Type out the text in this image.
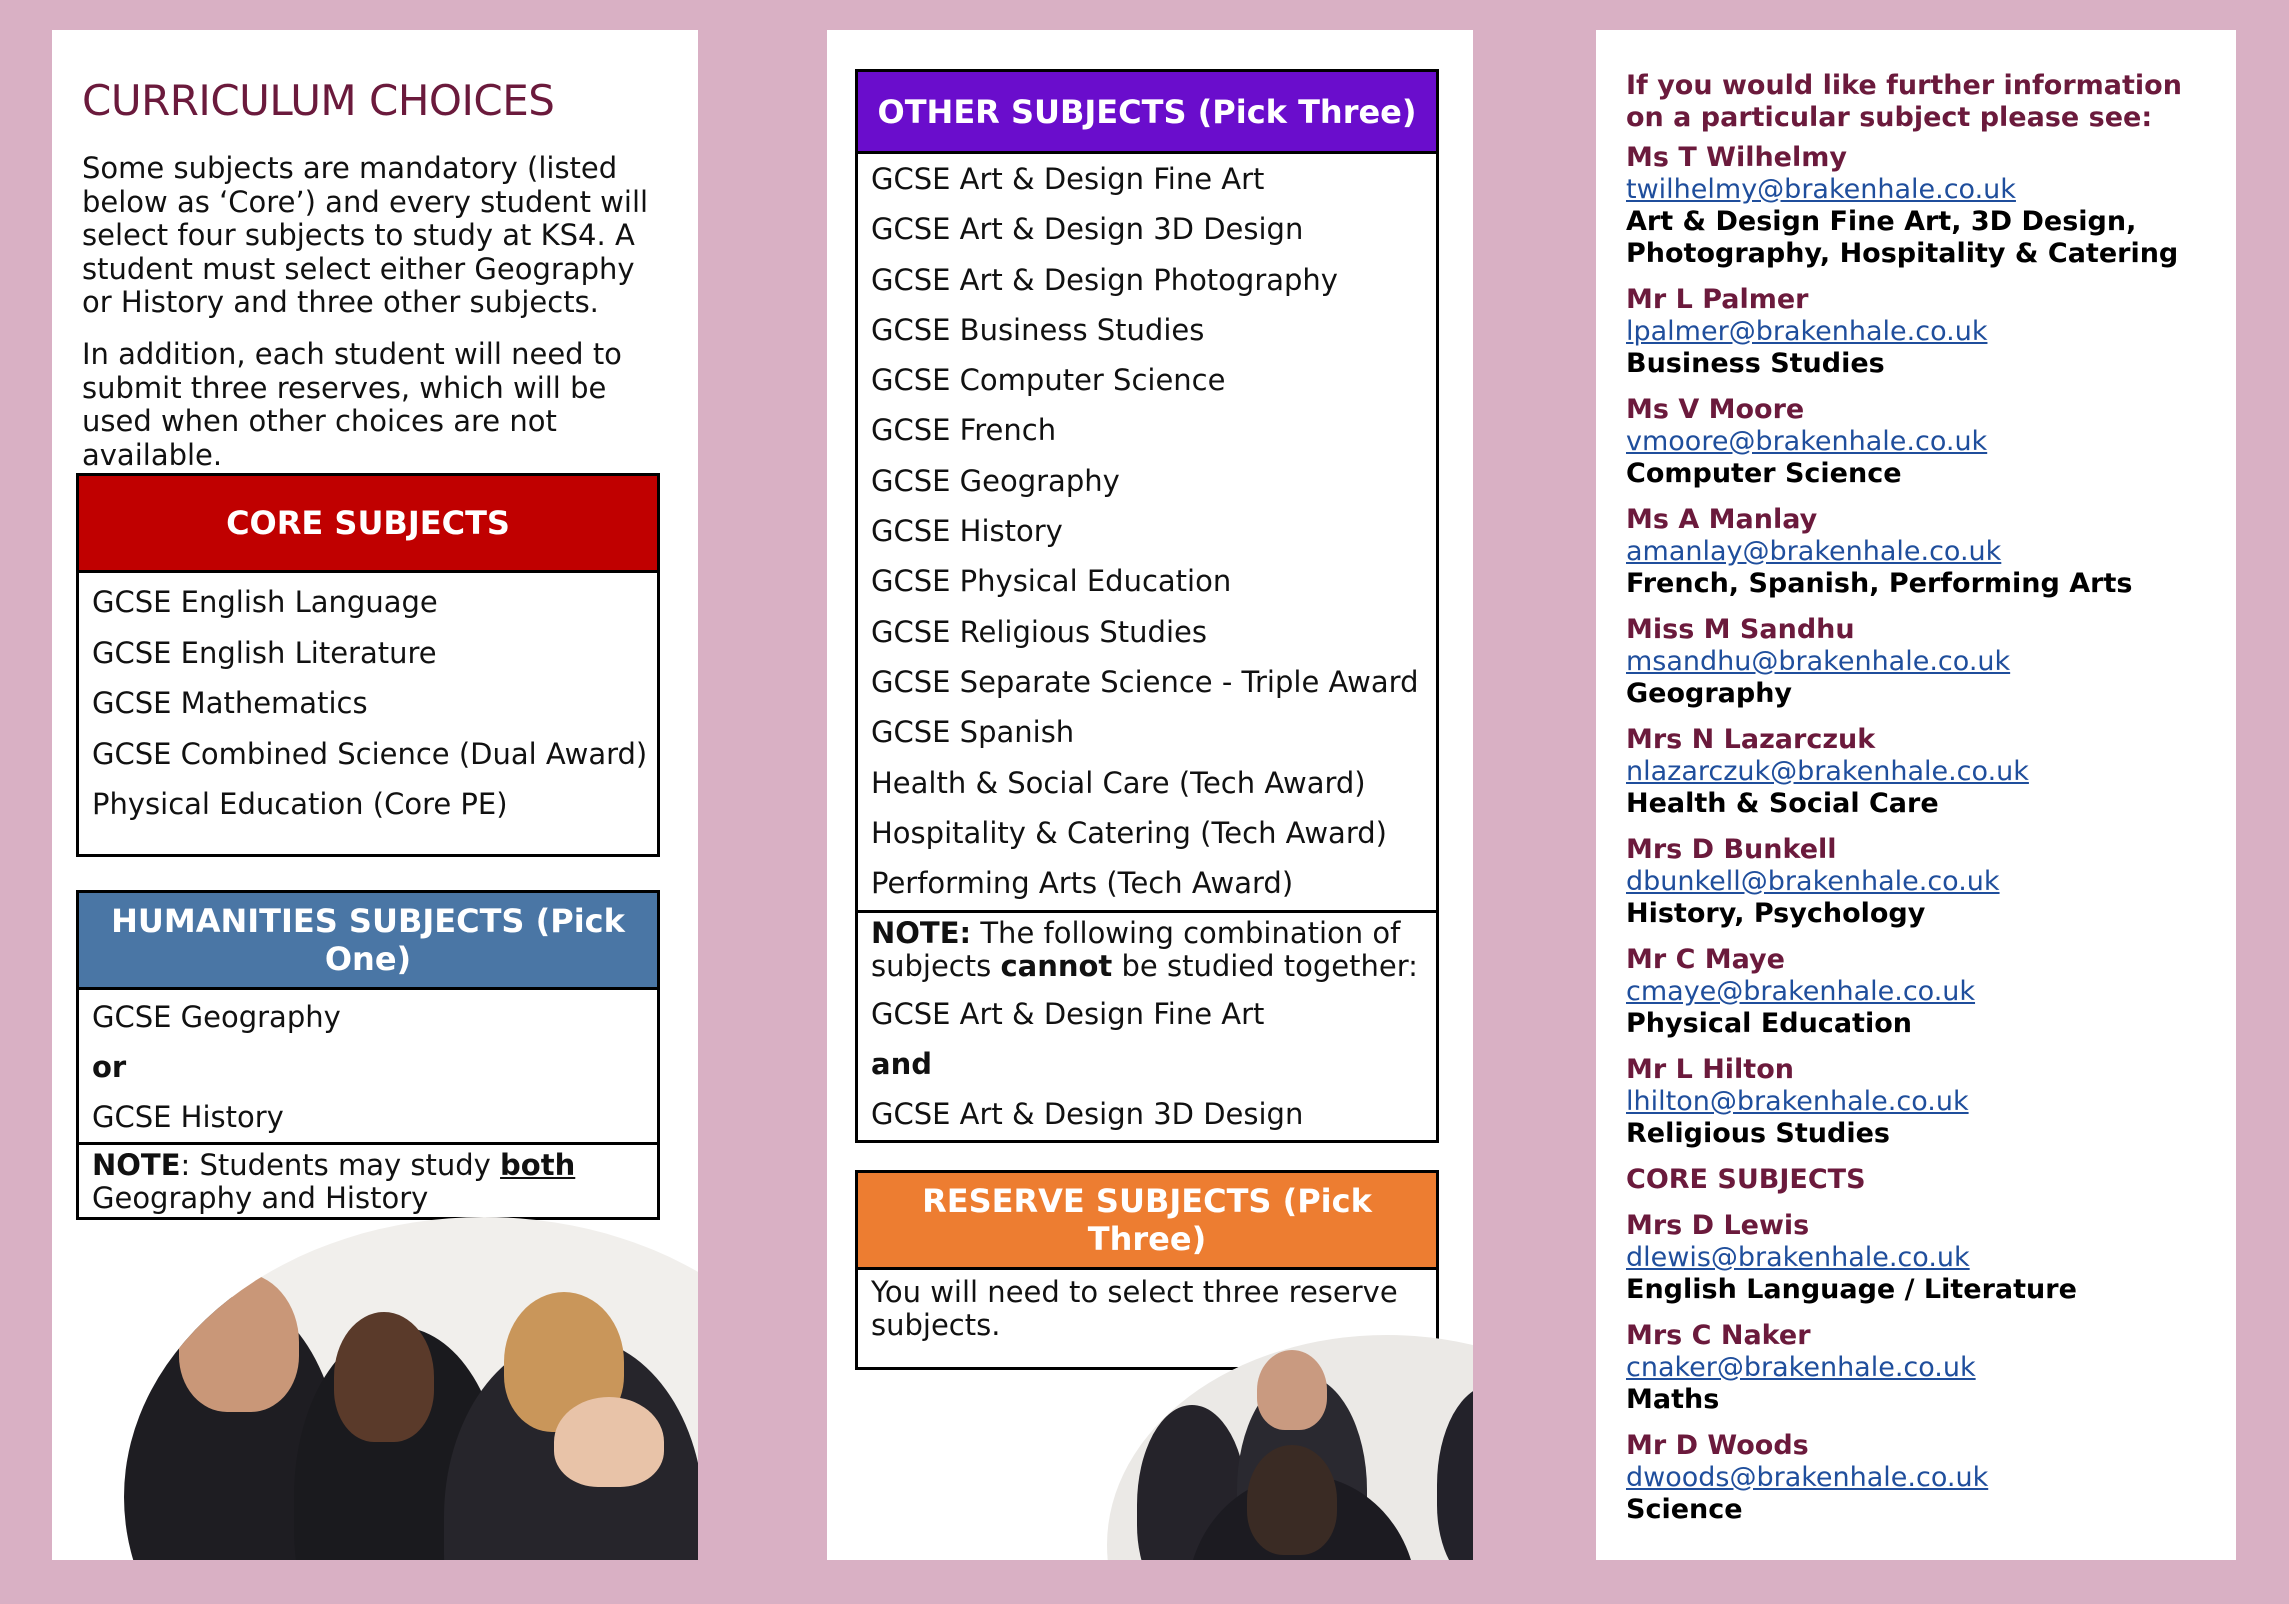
CURRICULUM CHOICES

Some subjects are mandatory (listed below as ‘Core’) and every student will select four subjects to study at KS4. A student must select either Geography or History and three other subjects.

In addition, each student will need to submit three reserves, which will be used when other choices are not available.

CORE SUBJECTS
GCSE English Language
GCSE English Literature
GCSE Mathematics
GCSE Combined Science (Dual Award)
Physical Education (Core PE)
HUMANITIES SUBJECTS (Pick One)
GCSE Geography
or
GCSE History
NOTE: Students may study both Geography and History
OTHER SUBJECTS (Pick Three)
GCSE Art & Design Fine Art
GCSE Art & Design 3D Design
GCSE Art & Design Photography
GCSE Business Studies
GCSE Computer Science
GCSE French
GCSE Geography
GCSE History
GCSE Physical Education
GCSE Religious Studies
GCSE Separate Science - Triple Award
GCSE Spanish
Health & Social Care (Tech Award)
Hospitality & Catering (Tech Award)
Performing Arts (Tech Award)
NOTE: The following combination of subjects cannot be studied together:
GCSE Art & Design Fine Art
and
GCSE Art & Design 3D Design
RESERVE SUBJECTS (Pick Three)
You will need to select three reserve subjects.
If you would like further information on a particular subject please see:
Ms T Wilhelmy
twilhelmy@brakenhale.co.uk
Art & Design Fine Art, 3D Design, Photography, Hospitality & Catering
Mr L Palmer
lpalmer@brakenhale.co.uk
Business Studies
Ms V Moore
vmoore@brakenhale.co.uk
Computer Science
Ms A Manlay
amanlay@brakenhale.co.uk
French, Spanish, Performing Arts
Miss M Sandhu
msandhu@brakenhale.co.uk
Geography
Mrs N Lazarczuk
nlazarczuk@brakenhale.co.uk
Health & Social Care
Mrs D Bunkell
dbunkell@brakenhale.co.uk
History, Psychology
Mr C Maye
cmaye@brakenhale.co.uk
Physical Education
Mr L Hilton
lhilton@brakenhale.co.uk
Religious Studies
CORE SUBJECTS
Mrs D Lewis
dlewis@brakenhale.co.uk
English Language / Literature
Mrs C Naker
cnaker@brakenhale.co.uk
Maths
Mr D Woods
dwoods@brakenhale.co.uk
Science
